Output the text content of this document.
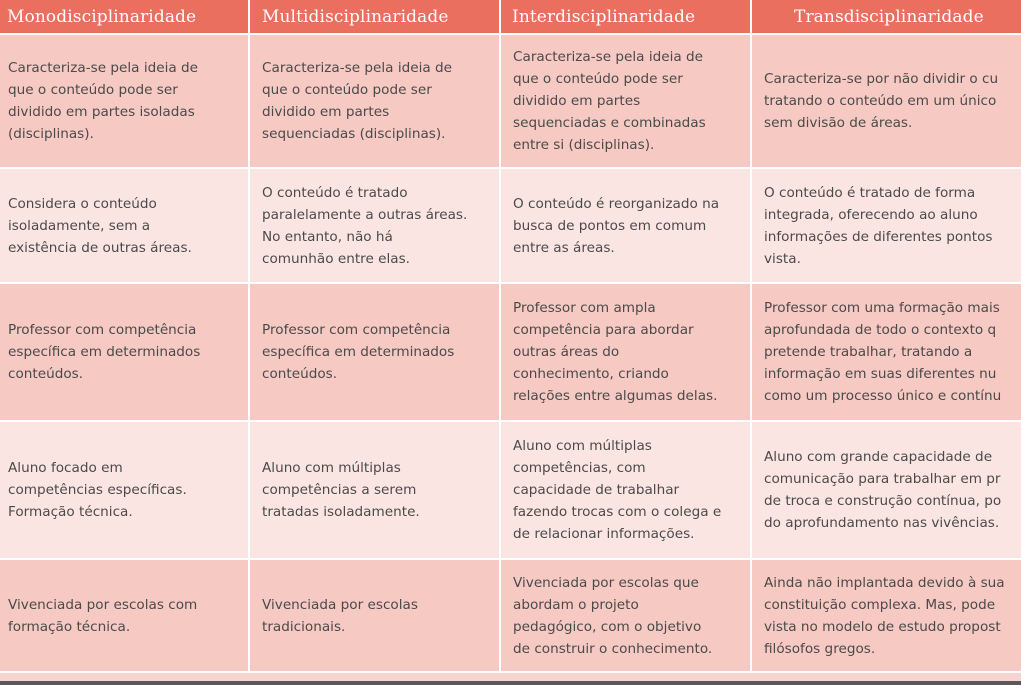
Monodisciplinaridade	Multidisciplinaridade	Interdisciplinaridade	Transdisciplinaridade
Caracteriza-se pela ideia de
que o conteúdo pode ser
dividido em partes isoladas
(disciplinas).	Caracteriza-se pela ideia de
que o conteúdo pode ser
dividido em partes
sequenciadas (disciplinas).	Caracteriza-se pela ideia de
que o conteúdo pode ser
dividido em partes
sequenciadas e combinadas
entre si (disciplinas).	Caracteriza-se por não dividir o cu
tratando o conteúdo em um único
sem divisão de áreas.
Considera o conteúdo
isoladamente, sem a
existência de outras áreas.	O conteúdo é tratado
paralelamente a outras áreas.
No entanto, não há
comunhão entre elas.	O conteúdo é reorganizado na
busca de pontos em comum
entre as áreas.	O conteúdo é tratado de forma
integrada, oferecendo ao aluno
informações de diferentes pontos
vista.
Professor com competência
específica em determinados
conteúdos.	Professor com competência
específica em determinados
conteúdos.	Professor com ampla
competência para abordar
outras áreas do
conhecimento, criando
relações entre algumas delas.	Professor com uma formação mais
aprofundada de todo o contexto q
pretende trabalhar, tratando a
informação em suas diferentes nu
como um processo único e contínu
Aluno focado em
competências específicas.
Formação técnica.	Aluno com múltiplas
competências a serem
tratadas isoladamente.	Aluno com múltiplas
competências, com
capacidade de trabalhar
fazendo trocas com o colega e
de relacionar informações.	Aluno com grande capacidade de
comunicação para trabalhar em pr
de troca e construção contínua, po
do aprofundamento nas vivências.
Vivenciada por escolas com
formação técnica.	Vivenciada por escolas
tradicionais.	Vivenciada por escolas que
abordam o projeto
pedagógico, com o objetivo
de construir o conhecimento.	Ainda não implantada devido à sua
constituição complexa. Mas, pode
vista no modelo de estudo propost
filósofos gregos.
